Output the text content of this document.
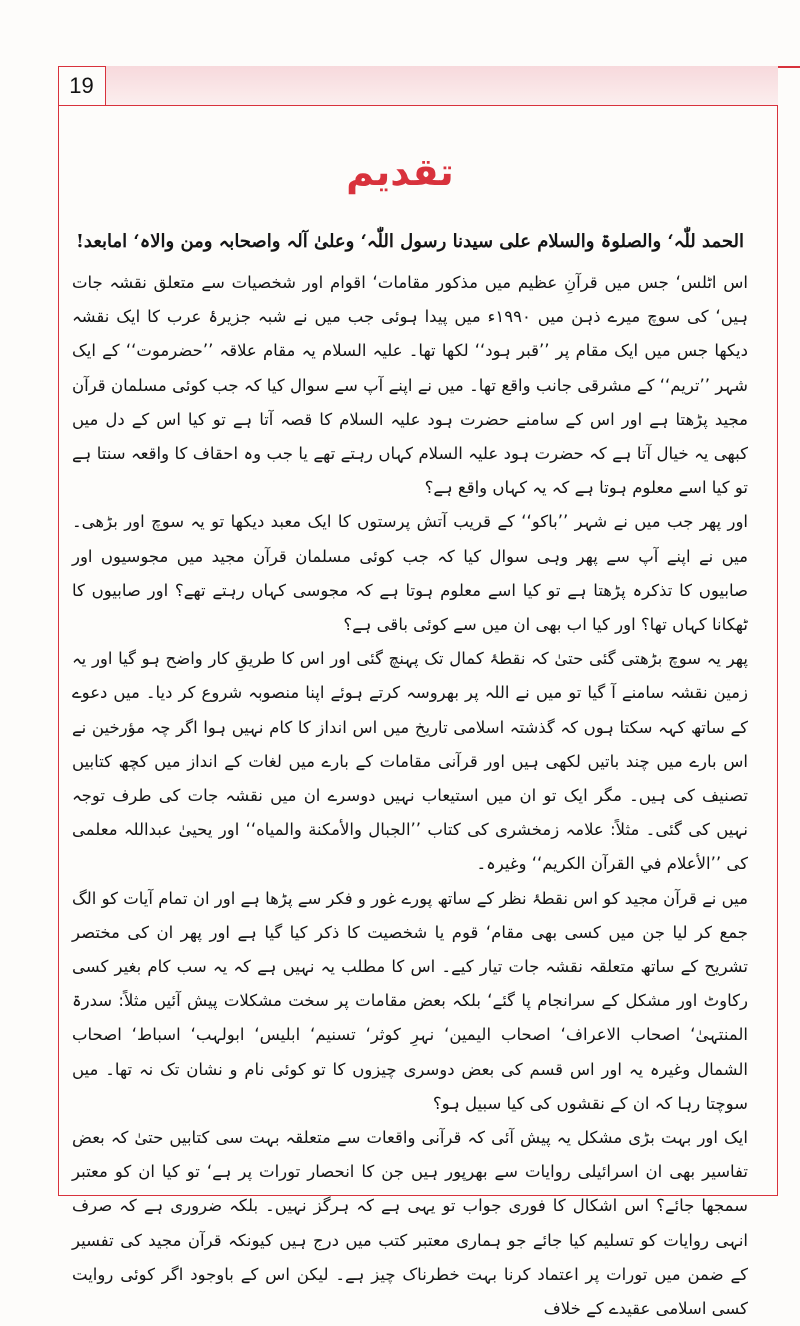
19
تقدیم

الحمد للّٰہ‘ والصلوۃ والسلام علی سیدنا رسول اللّٰہ‘ وعلیٰ آلہ واصحابہ ومن والاہ‘ امابعد!

اس اٹلس‘ جس میں قرآنِ عظیم میں مذکور مقامات‘ اقوام اور شخصیات سے متعلق نقشہ جات ہیں‘ کی سوچ میرے ذہن میں ۱۹۹۰ء میں پیدا ہوئی جب میں نے شبہ جزیرۂ عرب کا ایک نقشہ دیکھا جس میں ایک مقام پر ’’قبر ہود‘‘ لکھا تھا۔ علیہ السلام یہ مقام علاقہ ’’حضرموت‘‘ کے ایک شہر ’’تریم‘‘ کے مشرقی جانب واقع تھا۔ میں نے اپنے آپ سے سوال کیا کہ جب کوئی مسلمان قرآن مجید پڑھتا ہے اور اس کے سامنے حضرت ہود علیہ السلام کا قصہ آتا ہے تو کیا اس کے دل میں کبھی یہ خیال آتا ہے کہ حضرت ہود علیہ السلام کہاں رہتے تھے یا جب وہ احقاف کا واقعہ سنتا ہے تو کیا اسے معلوم ہوتا ہے کہ یہ کہاں واقع ہے؟

اور پھر جب میں نے شہر ’’باکو‘‘ کے قریب آتش پرستوں کا ایک معبد دیکھا تو یہ سوچ اور بڑھی۔ میں نے اپنے آپ سے پھر وہی سوال کیا کہ جب کوئی مسلمان قرآن مجید میں مجوسیوں اور صابیوں کا تذکرہ پڑھتا ہے تو کیا اسے معلوم ہوتا ہے کہ مجوسی کہاں رہتے تھے؟ اور صابیوں کا ٹھکانا کہاں تھا؟ اور کیا اب بھی ان میں سے کوئی باقی ہے؟

پھر یہ سوچ بڑھتی گئی حتیٰ کہ نقطۂ کمال تک پہنچ گئی اور اس کا طریقِ کار واضح ہو گیا اور یہ زمین نقشہ سامنے آ گیا تو میں نے اللہ پر بھروسہ کرتے ہوئے اپنا منصوبہ شروع کر دیا۔ میں دعوے کے ساتھ کہہ سکتا ہوں کہ گذشتہ اسلامی تاریخ میں اس انداز کا کام نہیں ہوا اگر چہ مؤرخین نے اس بارے میں چند باتیں لکھی ہیں اور قرآنی مقامات کے بارے میں لغات کے انداز میں کچھ کتابیں تصنیف کی ہیں۔ مگر ایک تو ان میں استیعاب نہیں دوسرے ان میں نقشہ جات کی طرف توجہ نہیں کی گئی۔ مثلاً: علامہ زمخشری کی کتاب ’’الجبال والأمكنة والمياه‘‘ اور یحییٰ عبداللہ معلمی کی ’’الأعلام في القرآن الكريم‘‘ وغیرہ۔

میں نے قرآن مجید کو اس نقطۂ نظر کے ساتھ پورے غور و فکر سے پڑھا ہے اور ان تمام آیات کو الگ جمع کر لیا جن میں کسی بھی مقام‘ قوم یا شخصیت کا ذکر کیا گیا ہے اور پھر ان کی مختصر تشریح کے ساتھ متعلقہ نقشہ جات تیار کیے۔ اس کا مطلب یہ نہیں ہے کہ یہ سب کام بغیر کسی رکاوٹ اور مشکل کے سرانجام پا گئے‘ بلکہ بعض مقامات پر سخت مشکلات پیش آئیں مثلاً: سدرۃ المنتہیٰ‘ اصحاب الاعراف‘ اصحاب الیمین‘ نہرِ کوثر‘ تسنیم‘ ابلیس‘ ابولہب‘ اسباط‘ اصحاب الشمال وغیرہ یہ اور اس قسم کی بعض دوسری چیزوں کا تو کوئی نام و نشان تک نہ تھا۔ میں سوچتا رہا کہ ان کے نقشوں کی کیا سبیل ہو؟

ایک اور بہت بڑی مشکل یہ پیش آئی کہ قرآنی واقعات سے متعلقہ بہت سی کتابیں حتیٰ کہ بعض تفاسیر بھی ان اسرائیلی روایات سے بھرپور ہیں جن کا انحصار تورات پر ہے‘ تو کیا ان کو معتبر سمجھا جائے؟ اس اشکال کا فوری جواب تو یہی ہے کہ ہرگز نہیں۔ بلکہ ضروری ہے کہ صرف انہی روایات کو تسلیم کیا جائے جو ہماری معتبر کتب میں درج ہیں کیونکہ قرآن مجید کی تفسیر کے ضمن میں تورات پر اعتماد کرنا بہت خطرناک چیز ہے۔ لیکن اس کے باوجود اگر کوئی روایت کسی اسلامی عقیدے کے خلاف
